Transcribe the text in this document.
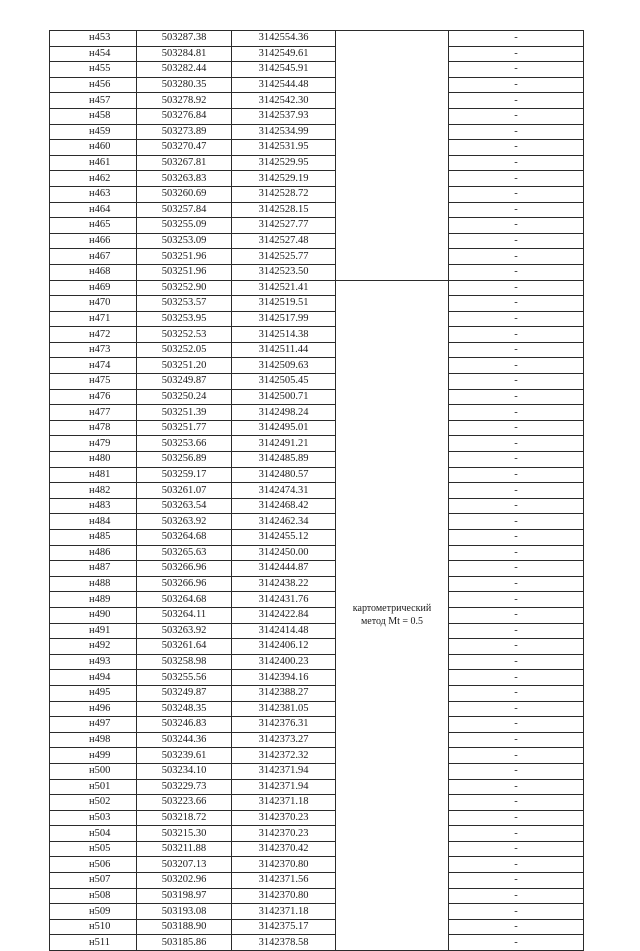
н453	503287.38	3142554.36		-
н454	503284.81	3142549.61		-
н455	503282.44	3142545.91		-
н456	503280.35	3142544.48		-
н457	503278.92	3142542.30		-
н458	503276.84	3142537.93		-
н459	503273.89	3142534.99		-
н460	503270.47	3142531.95		-
н461	503267.81	3142529.95		-
н462	503263.83	3142529.19		-
н463	503260.69	3142528.72		-
н464	503257.84	3142528.15		-
н465	503255.09	3142527.77		-
н466	503253.09	3142527.48		-
н467	503251.96	3142525.77		-
н468	503251.96	3142523.50		-
н469	503252.90	3142521.41	картометрический
метод Mt = 0.5	-
н470	503253.57	3142519.51		-
н471	503253.95	3142517.99		-
н472	503252.53	3142514.38		-
н473	503252.05	3142511.44		-
н474	503251.20	3142509.63		-
н475	503249.87	3142505.45		-
н476	503250.24	3142500.71		-
н477	503251.39	3142498.24		-
н478	503251.77	3142495.01		-
н479	503253.66	3142491.21		-
н480	503256.89	3142485.89		-
н481	503259.17	3142480.57		-
н482	503261.07	3142474.31		-
н483	503263.54	3142468.42		-
н484	503263.92	3142462.34		-
н485	503264.68	3142455.12		-
н486	503265.63	3142450.00		-
н487	503266.96	3142444.87		-
н488	503266.96	3142438.22		-
н489	503264.68	3142431.76		-
н490	503264.11	3142422.84		-
н491	503263.92	3142414.48		-
н492	503261.64	3142406.12		-
н493	503258.98	3142400.23		-
н494	503255.56	3142394.16		-
н495	503249.87	3142388.27		-
н496	503248.35	3142381.05		-
н497	503246.83	3142376.31		-
н498	503244.36	3142373.27		-
н499	503239.61	3142372.32		-
н500	503234.10	3142371.94		-
н501	503229.73	3142371.94		-
н502	503223.66	3142371.18		-
н503	503218.72	3142370.23		-
н504	503215.30	3142370.23		-
н505	503211.88	3142370.42		-
н506	503207.13	3142370.80		-
н507	503202.96	3142371.56		-
н508	503198.97	3142370.80		-
н509	503193.08	3142371.18		-
н510	503188.90	3142375.17		-
н511	503185.86	3142378.58		-
